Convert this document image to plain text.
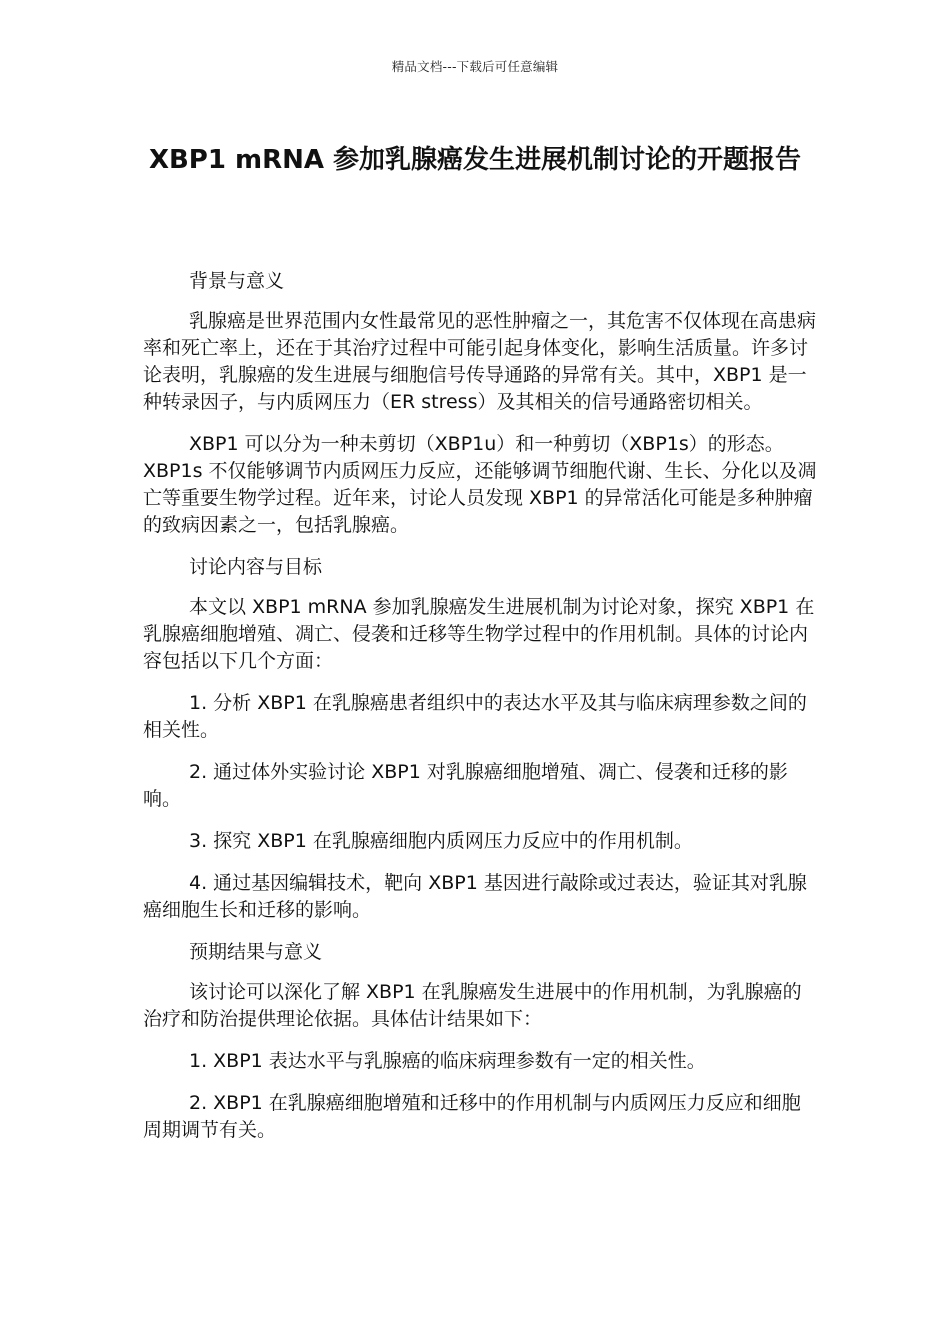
精品文档---下载后可任意编辑
XBP1 mRNA 参加乳腺癌发生进展机制讨论的开题报告

背景与意义

乳腺癌是世界范围内女性最常见的恶性肿瘤之一，其危害不仅体现在高患病率和死亡率上，还在于其治疗过程中可能引起身体变化，影响生活质量。许多讨论表明，乳腺癌的发生进展与细胞信号传导通路的异常有关。其中，XBP1 是一种转录因子，与内质网压力（ER stress）及其相关的信号通路密切相关。

XBP1 可以分为一种未剪切（XBP1u）和一种剪切（XBP1s）的形态。XBP1s 不仅能够调节内质网压力反应，还能够调节细胞代谢、生长、分化以及凋亡等重要生物学过程。近年来，讨论人员发现 XBP1 的异常活化可能是多种肿瘤的致病因素之一，包括乳腺癌。

讨论内容与目标

本文以 XBP1 mRNA 参加乳腺癌发生进展机制为讨论对象，探究 XBP1 在乳腺癌细胞增殖、凋亡、侵袭和迁移等生物学过程中的作用机制。具体的讨论内容包括以下几个方面：

1. 分析 XBP1 在乳腺癌患者组织中的表达水平及其与临床病理参数之间的相关性。

2. 通过体外实验讨论 XBP1 对乳腺癌细胞增殖、凋亡、侵袭和迁移的影响。

3. 探究 XBP1 在乳腺癌细胞内质网压力反应中的作用机制。

4. 通过基因编辑技术，靶向 XBP1 基因进行敲除或过表达，验证其对乳腺癌细胞生长和迁移的影响。

预期结果与意义

该讨论可以深化了解 XBP1 在乳腺癌发生进展中的作用机制，为乳腺癌的治疗和防治提供理论依据。具体估计结果如下：

1. XBP1 表达水平与乳腺癌的临床病理参数有一定的相关性。

2. XBP1 在乳腺癌细胞增殖和迁移中的作用机制与内质网压力反应和细胞周期调节有关。
